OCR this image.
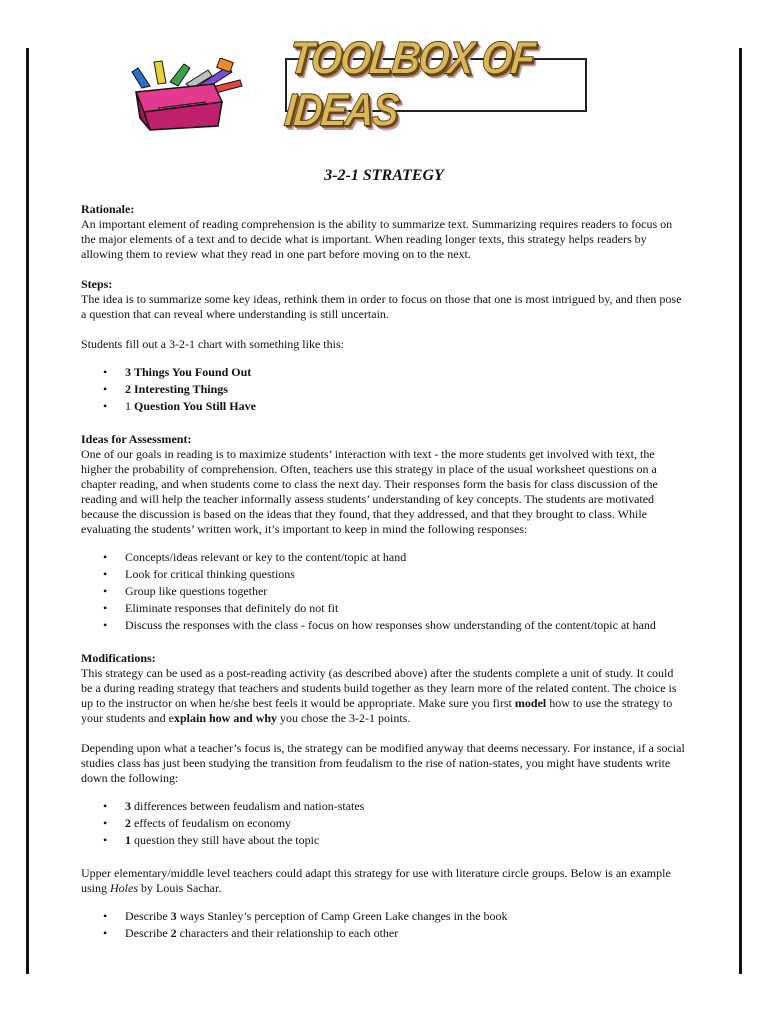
TOOLBOX OF IDEAS
3-2-1 STRATEGY

Rationale:

An important element of reading comprehension is the ability to summarize text. Summarizing requires readers to focus on the major elements of a text and to decide what is important. When reading longer texts, this strategy helps readers by allowing them to review what they read in one part before moving on to the next.

Steps:

The idea is to summarize some key ideas, rethink them in order to focus on those that one is most intrigued by, and then pose a question that can reveal where understanding is still uncertain.

Students fill out a 3-2-1 chart with something like this:

• 3 Things You Found Out
• 2 Interesting Things
• 1 Question You Still Have

Ideas for Assessment:

One of our goals in reading is to maximize students’ interaction with text - the more students get involved with text, the higher the probability of comprehension. Often, teachers use this strategy in place of the usual worksheet questions on a chapter reading, and when students come to class the next day. Their responses form the basis for class discussion of the reading and will help the teacher informally assess students’ understanding of key concepts. The students are motivated because the discussion is based on the ideas that they found, that they addressed, and that they brought to class. While evaluating the students’ written work, it’s important to keep in mind the following responses:

• Concepts/ideas relevant or key to the content/topic at hand
• Look for critical thinking questions
• Group like questions together
• Eliminate responses that definitely do not fit
• Discuss the responses with the class - focus on how responses show understanding of the content/topic at hand

Modifications:

This strategy can be used as a post-reading activity (as described above) after the students complete a unit of study. It could be a during reading strategy that teachers and students build together as they learn more of the related content. The choice is up to the instructor on when he/she best feels it would be appropriate. Make sure you first model how to use the strategy to your students and explain how and why you chose the 3-2-1 points.

Depending upon what a teacher’s focus is, the strategy can be modified anyway that deems necessary. For instance, if a social studies class has just been studying the transition from feudalism to the rise of nation-states, you might have students write down the following:

• 3 differences between feudalism and nation-states
• 2 effects of feudalism on economy
• 1 question they still have about the topic

Upper elementary/middle level teachers could adapt this strategy for use with literature circle groups. Below is an example using Holes by Louis Sachar.

• Describe 3 ways Stanley’s perception of Camp Green Lake changes in the book
• Describe 2 characters and their relationship to each other
